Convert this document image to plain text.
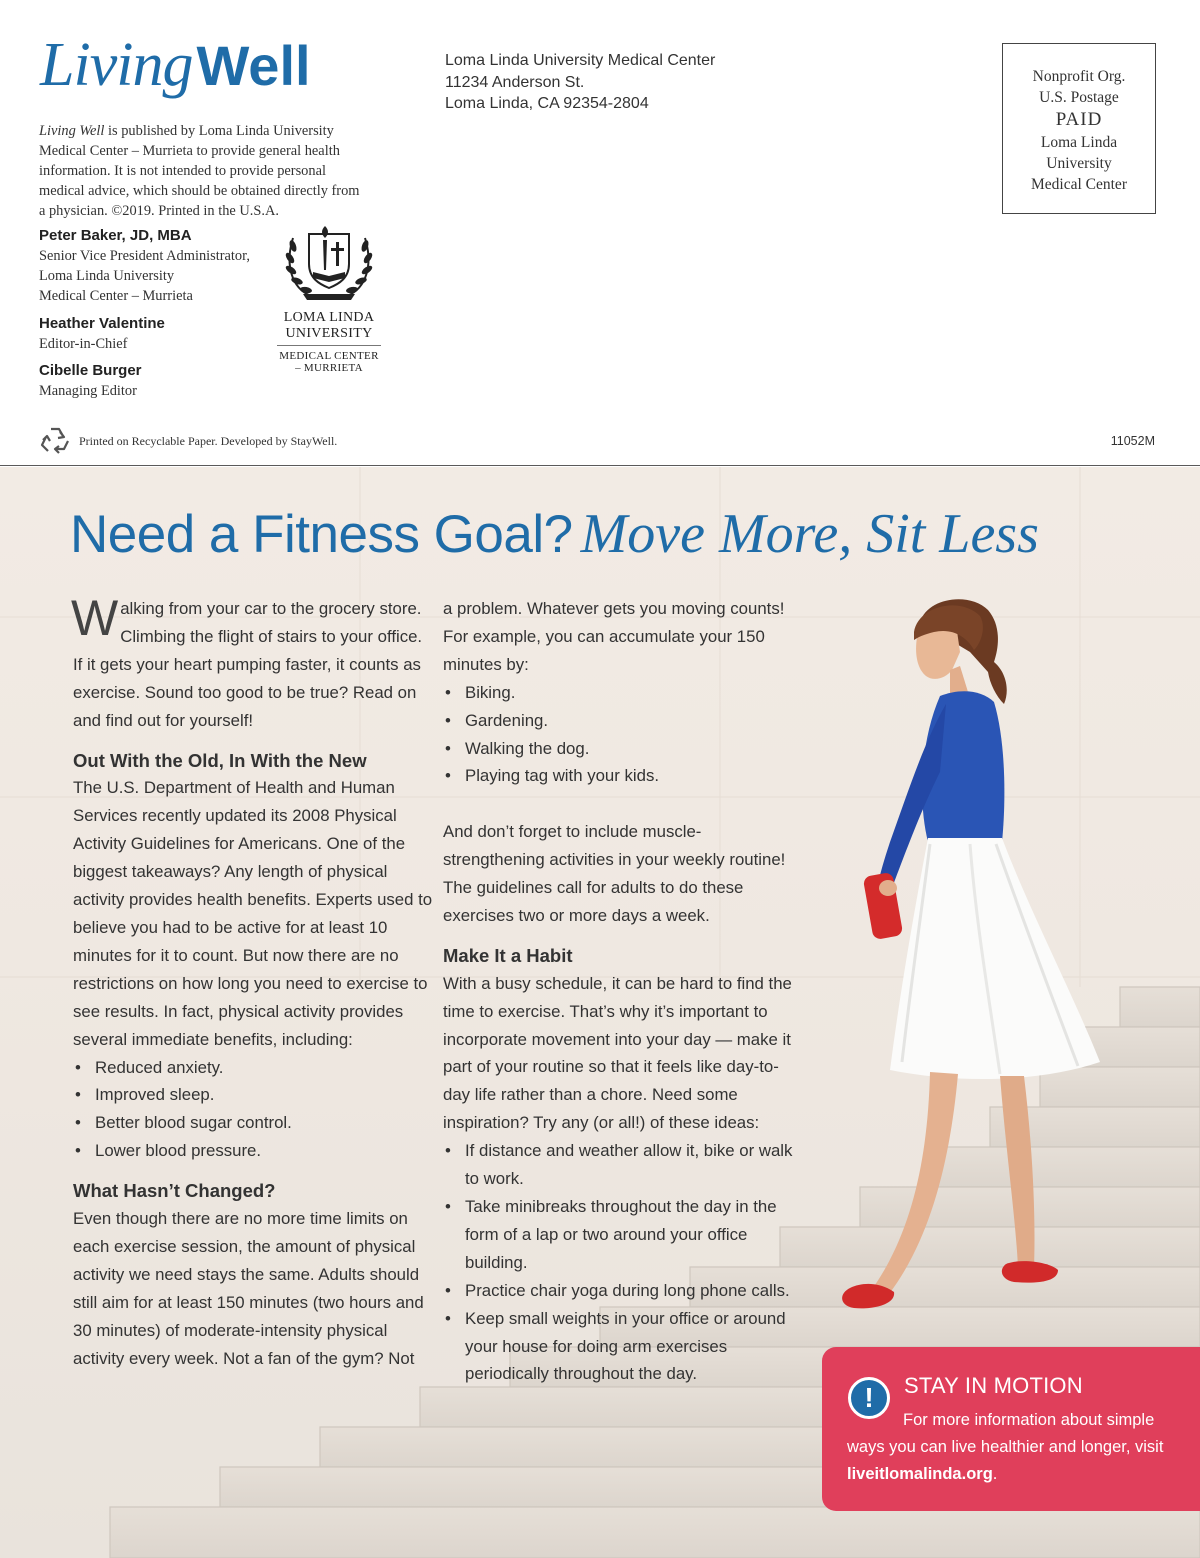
LivingWell
Living Well is published by Loma Linda University Medical Center – Murrieta to provide general health information. It is not intended to provide personal medical advice, which should be obtained directly from a physician. ©2019. Printed in the U.S.A.
Peter Baker, JD, MBA
Senior Vice President Administrator,
Loma Linda University
Medical Center – Murrieta
Heather Valentine
Editor-in-Chief
Cibelle Burger
Managing Editor
LOMA LINDA
UNIVERSITY
MEDICAL CENTER
– MURRIETA
Loma Linda University Medical Center
11234 Anderson St.
Loma Linda, CA 92354-2804
Nonprofit Org.
U.S. Postage
PAID
Loma Linda
University
Medical Center
Printed on Recyclable Paper. Developed by StayWell.	11052M
Need a Fitness Goal? Move More, Sit Less

Walking from your car to the grocery store. Climbing the flight of stairs to your office. If it gets your heart pumping faster, it counts as exercise. Sound too good to be true? Read on and find out for yourself!

Out With the Old, In With the New

The U.S. Department of Health and Human Services recently updated its 2008 Physical Activity Guidelines for Americans. One of the biggest takeaways? Any length of physical activity provides health benefits. Experts used to believe you had to be active for at least 10 minutes for it to count. But now there are no restrictions on how long you need to exercise to see results. In fact, physical activity provides several immediate benefits, including:

• Reduced anxiety.
• Improved sleep.
• Better blood sugar control.
• Lower blood pressure.
What Hasn’t Changed?

Even though there are no more time limits on each exercise session, the amount of physical activity we need stays the same. Adults should still aim for at least 150 minutes (two hours and 30 minutes) of moderate-intensity physical activity every week. Not a fan of the gym? Not

a problem. Whatever gets you moving counts! For example, you can accumulate your 150 minutes by:

• Biking.
• Gardening.
• Walking the dog.
• Playing tag with your kids.

And don’t forget to include muscle-strengthening activities in your weekly routine! The guidelines call for adults to do these exercises two or more days a week.

Make It a Habit

With a busy schedule, it can be hard to find the time to exercise. That’s why it’s important to incorporate movement into your day — make it part of your routine so that it feels like day-to-day life rather than a chore. Need some inspiration? Try any (or all!) of these ideas:

• If distance and weather allow it, bike or walk to work.
• Take minibreaks throughout the day in the form of a lap or two around your office building.
• Practice chair yoga during long phone calls.
• Keep small weights in your office or around your house for doing arm exercises periodically throughout the day.
!	STAY IN MOTION
For more information about simple ways you can live healthier and longer, visit liveitlomalinda.org.
